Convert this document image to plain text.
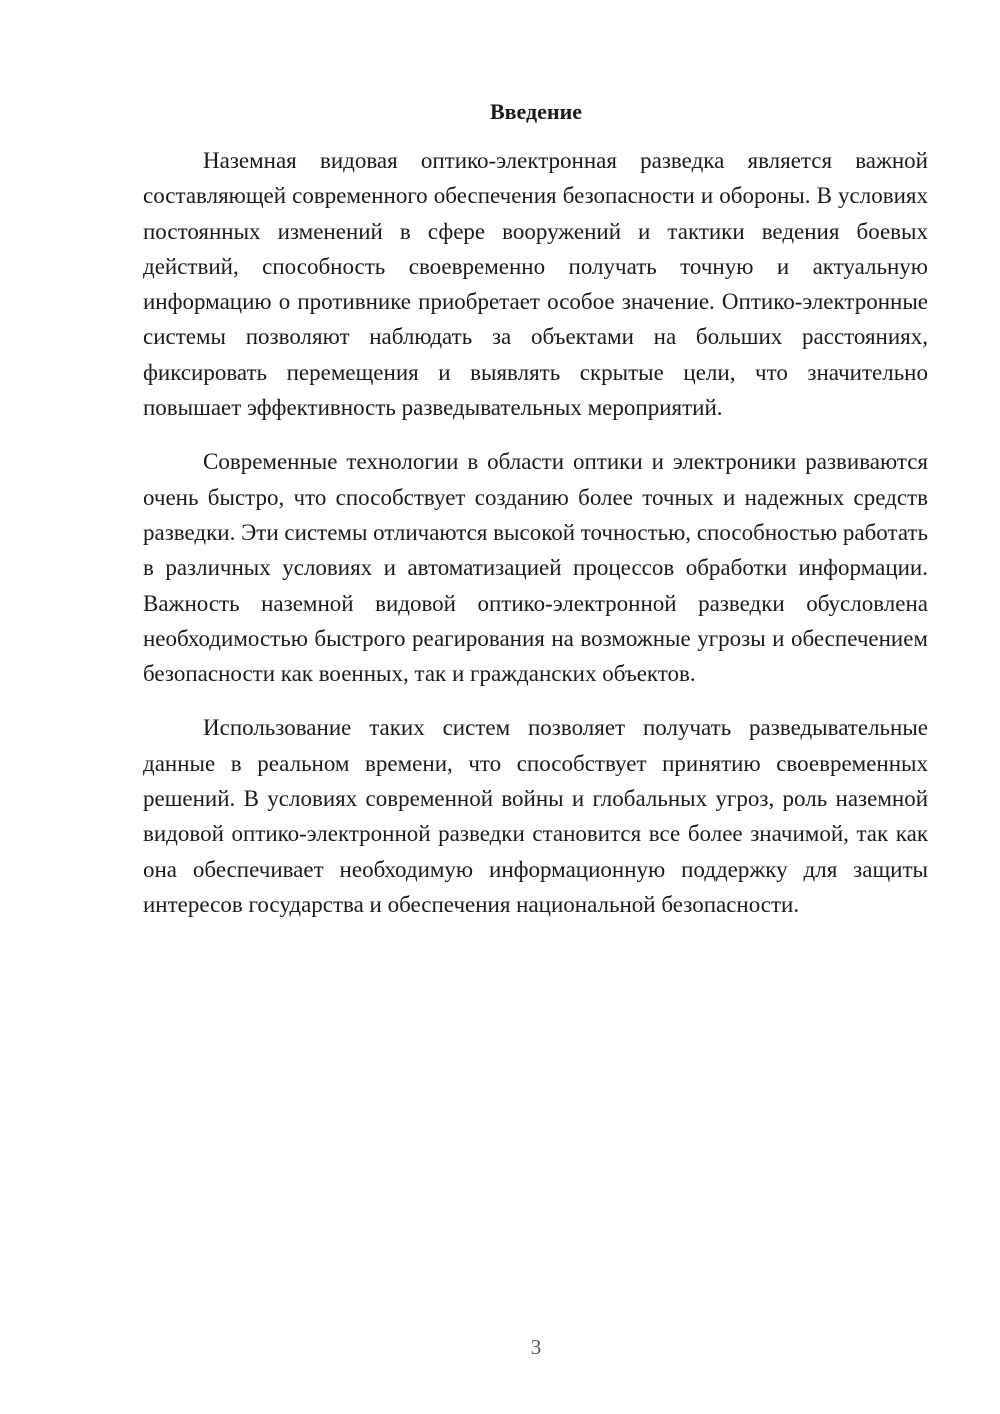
Введение

Наземная видовая оптико-электронная разведка является важной составляющей современного обеспечения безопасности и обороны. В условиях постоянных изменений в сфере вооружений и тактики ведения боевых действий, способность своевременно получать точную и актуальную информацию о противнике приобретает особое значение. Оптико-электронные системы позволяют наблюдать за объектами на больших расстояниях, фиксировать перемещения и выявлять скрытые цели, что значительно повышает эффективность разведывательных мероприятий.

Современные технологии в области оптики и электроники развиваются очень быстро, что способствует созданию более точных и надежных средств разведки. Эти системы отличаются высокой точностью, способностью работать в различных условиях и автоматизацией процессов обработки информации. Важность наземной видовой оптико-электронной разведки обусловлена необходимостью быстрого реагирования на возможные угрозы и обеспечением безопасности как военных, так и гражданских объектов.

Использование таких систем позволяет получать разведывательные данные в реальном времени, что способствует принятию своевременных решений. В условиях современной войны и глобальных угроз, роль наземной видовой оптико-электронной разведки становится все более значимой, так как она обеспечивает необходимую информационную поддержку для защиты интересов государства и обеспечения национальной безопасности.

3
